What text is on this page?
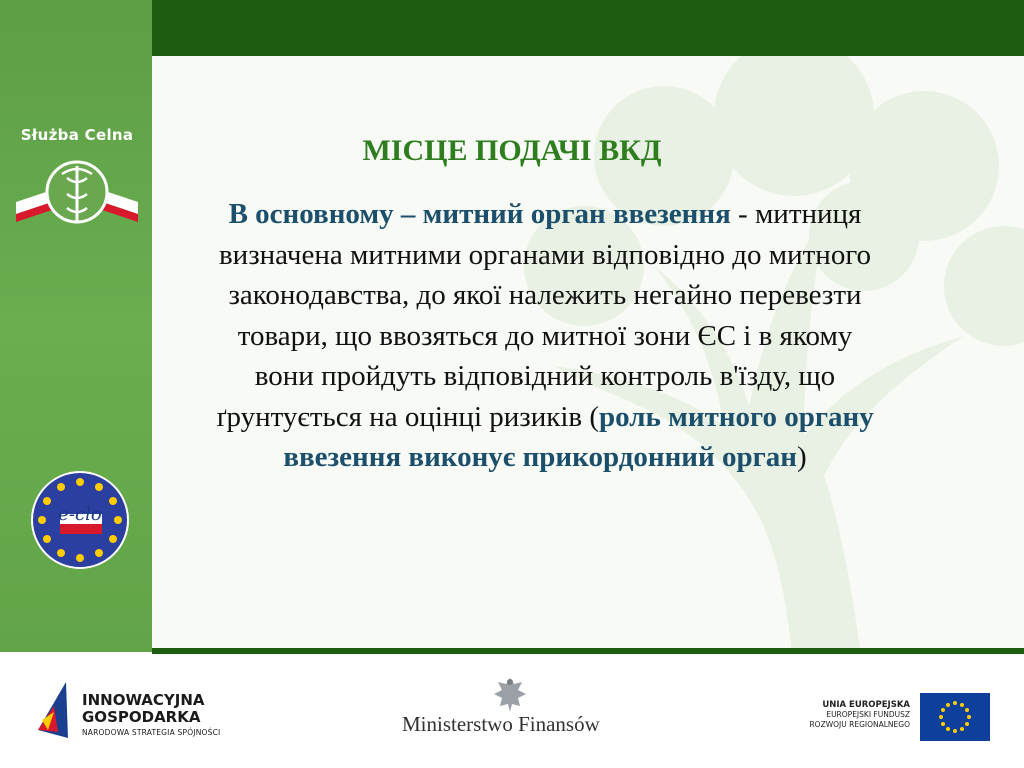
Służba Celna
e-clo
МІСЦЕ ПОДАЧІ ВКД
В основному – митний орган ввезення - митниця визначена митними органами відповідно до митного законодавства, до якої належить негайно перевезти товари, що ввозяться до митної зони ЄС і в якому вони пройдуть відповідний контроль в'їзду, що ґрунтується на оцінці ризиків (роль митного органу ввезення виконує прикордонний орган)
INNOWACYJNA
GOSPODARKA
NARODOWA STRATEGIA SPÓJNOŚCI	Ministerstwo Finansów
UNIA EUROPEJSKA
EUROPEJSKI FUNDUSZ
ROZWOJU REGIONALNEGO
